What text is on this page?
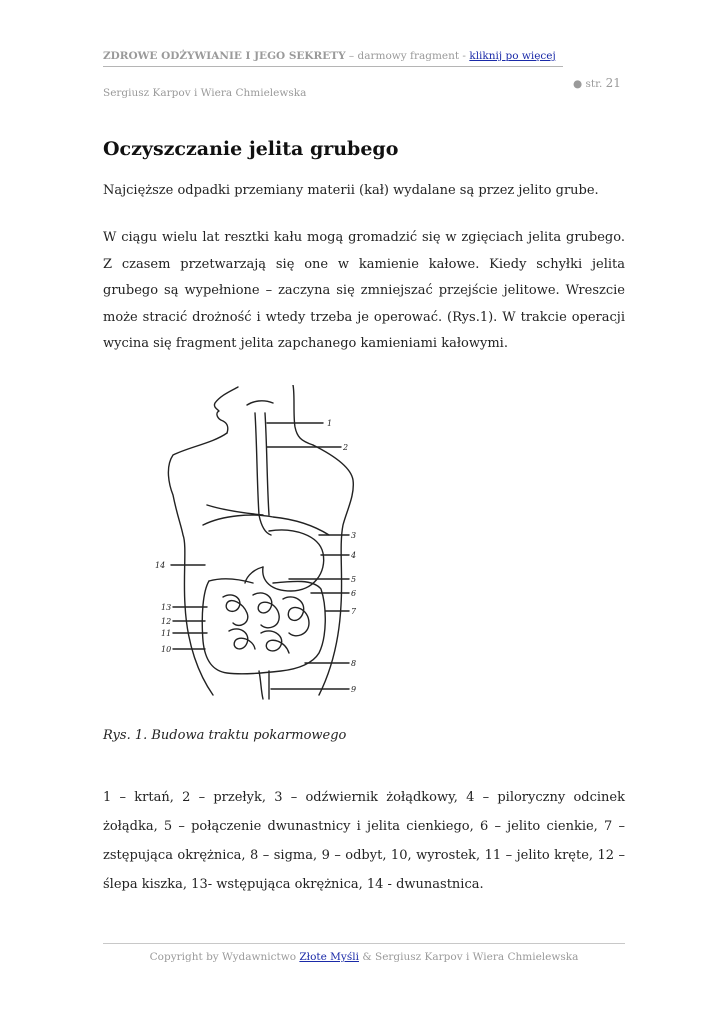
ZDROWE ODŻYWIANIE I JEGO SEKRETY – darmowy fragment - kliknij po więcej
● str. 21
Sergiusz Karpov i Wiera Chmielewska
Oczyszczanie jelita grubego

Najcięższe odpadki przemiany materii (kał) wydalane są przez jelito grube.

W ciągu wielu lat resztki kału mogą gromadzić się w zgięciach jelita grubego. Z czasem przetwarzają się one w kamienie kałowe. Kiedy schyłki jelita grubego są wypełnione – zaczyna się zmniejszać przejście jelitowe. Wreszcie może stracić drożność i wtedy trzeba je operować. (Rys.1). W trakcie operacji wycina się fragment jelita zapchanego kamieniami kałowymi.

1
2
3
4
5
6
7
8
9
10
11
12
13
14
Rys. 1. Budowa traktu pokarmowego

1 – krtań, 2 – przełyk, 3 – odźwiernik żołądkowy, 4 – piloryczny odcinek żołądka, 5 – połączenie dwunastnicy i jelita cienkiego, 6 – jelito cienkie, 7 – zstępująca okrężnica, 8 – sigma, 9 – odbyt, 10, wyrostek, 11 – jelito kręte, 12 – ślepa kiszka, 13- wstępująca okrężnica, 14 - dwunastnica.

Copyright by Wydawnictwo Złote Myśli & Sergiusz Karpov i Wiera Chmielewska
